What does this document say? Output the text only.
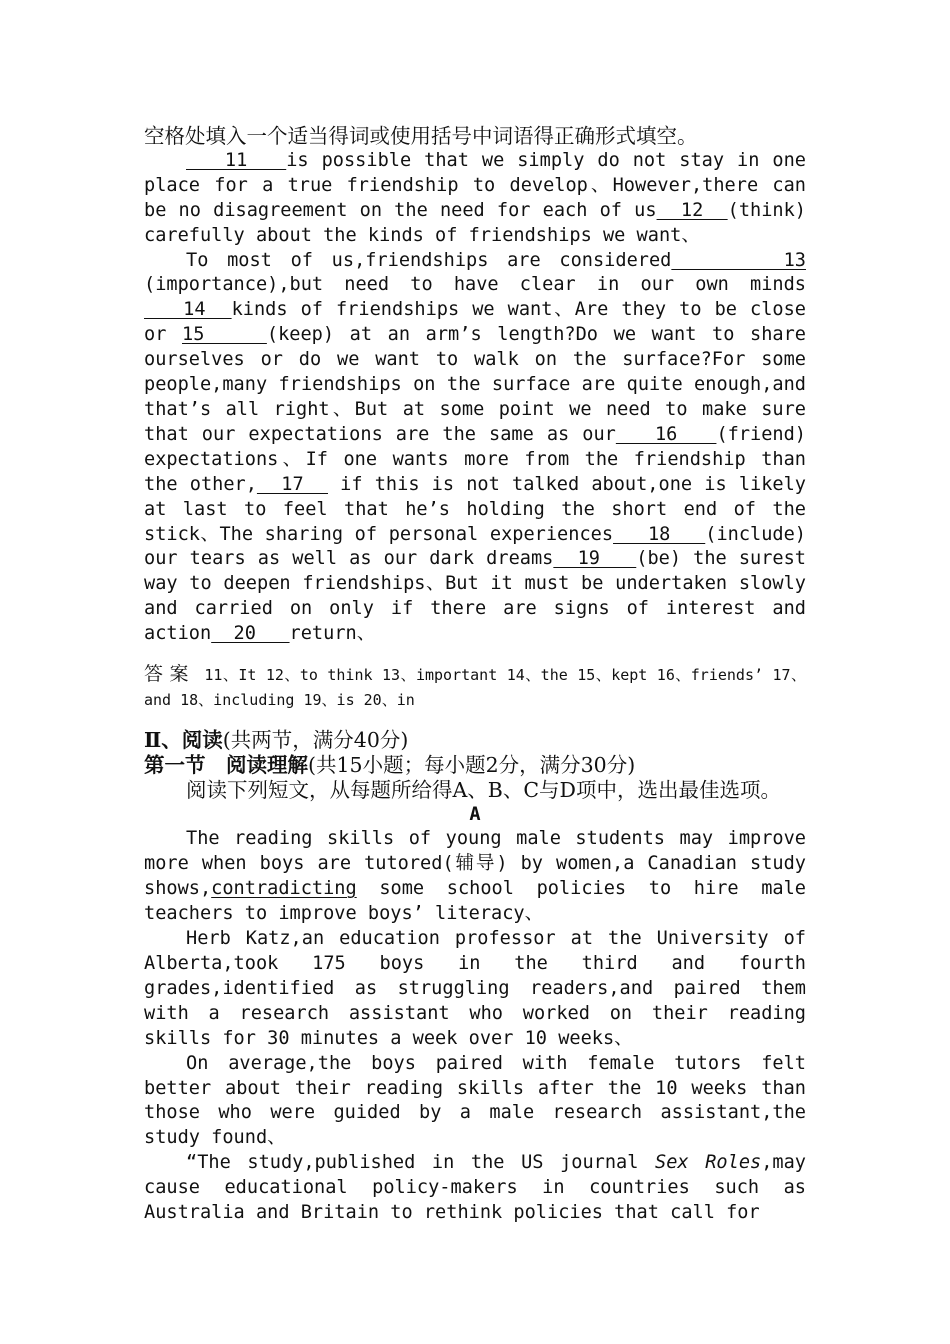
空格处填入一个适当得词或使用括号中词语得正确形式填空。

11   is possible that we simply do not stay in one place for a true friendship to develop、However,there can be no disagreement on the need for each of us  12  (think) carefully about the kinds of friendships we want、

To most of us,friendships are considered      13 (importance),but need to have clear in our own minds   14  kinds of friendships we want、Are they to be close or 15    (keep) at an arm’s length?Do we want to share ourselves or do we want to walk on the surface?For some people,many friendships on the surface are quite enough,and that’s all right、But at some point we need to make sure that our expectations are the same as our   16   (friend) expectations、If one wants more from the friendship than the other,  17   if this is not talked about,one is likely at last to feel that he’s holding the short end of the stick、The sharing of personal experiences   18   (include) our tears as well as our dark dreams  19   (be) the surest way to deepen friendships、But it must be undertaken slowly and carried on only if there are signs of interest and action  20   return、

答案 11、It 12、to think 13、important 14、the 15、kept 16、friends’ 17、and 18、including 19、is 20、in

Ⅱ、阅读(共两节，满分40分)

第一节　阅读理解(共15小题；每小题2分，满分30分)

阅读下列短文，从每题所给得A、B、C与D项中，选出最佳选项。

A

The reading skills of young male students may improve more when boys are tutored(辅导) by women,a Canadian study shows,contradicting some school policies to hire male teachers to improve boys’ literacy、

Herb Katz,an education professor at the University of Alberta,took 175 boys in the third and fourth grades,identified as struggling readers,and paired them with a research assistant who worked on their reading skills for 30 minutes a week over 10 weeks、

On average,the boys paired with female tutors felt better about their reading skills after the 10 weeks than those who were guided by a male research assistant,the study found、

“The study,published in the US journal Sex Roles,may cause educational policy-makers in countries such as Australia and Britain to rethink policies that call for
